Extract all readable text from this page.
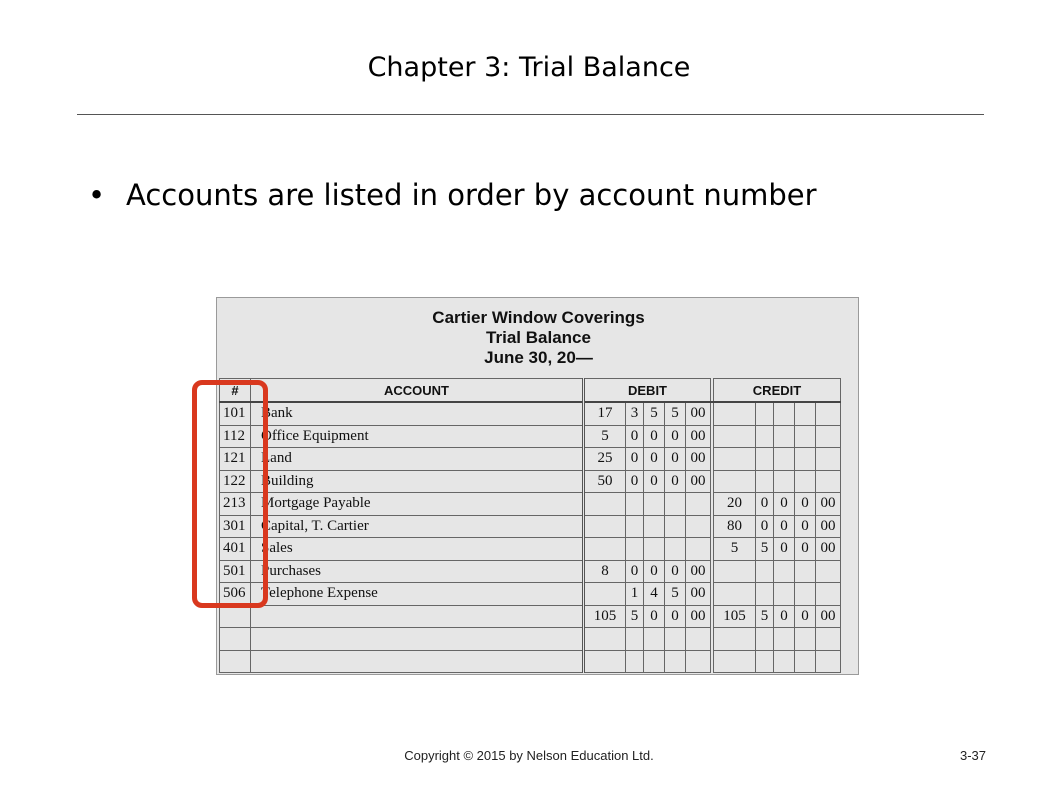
Chapter 3: Trial Balance
• Accounts are listed in order by account number
Cartier Window Coverings
Trial Balance
June 30, 20—
#	ACCOUNT	DEBIT						CREDIT				
101	Bank	17	3	5	5	00						
112	Office Equipment	5	0	0	0	00						
121	Land	25	0	0	0	00						
122	Building	50	0	0	0	00						
213	Mortgage Payable							20	0	0	0	00
301	Capital, T. Cartier							80	0	0	0	00
401	Sales							5	5	0	0	00
501	Purchases	8	0	0	0	00						
506	Telephone Expense		1	4	5	00						
		105	5	0	0	00		105	5	0	0	00

Copyright © 2015 by Nelson Education Ltd.	3-37
